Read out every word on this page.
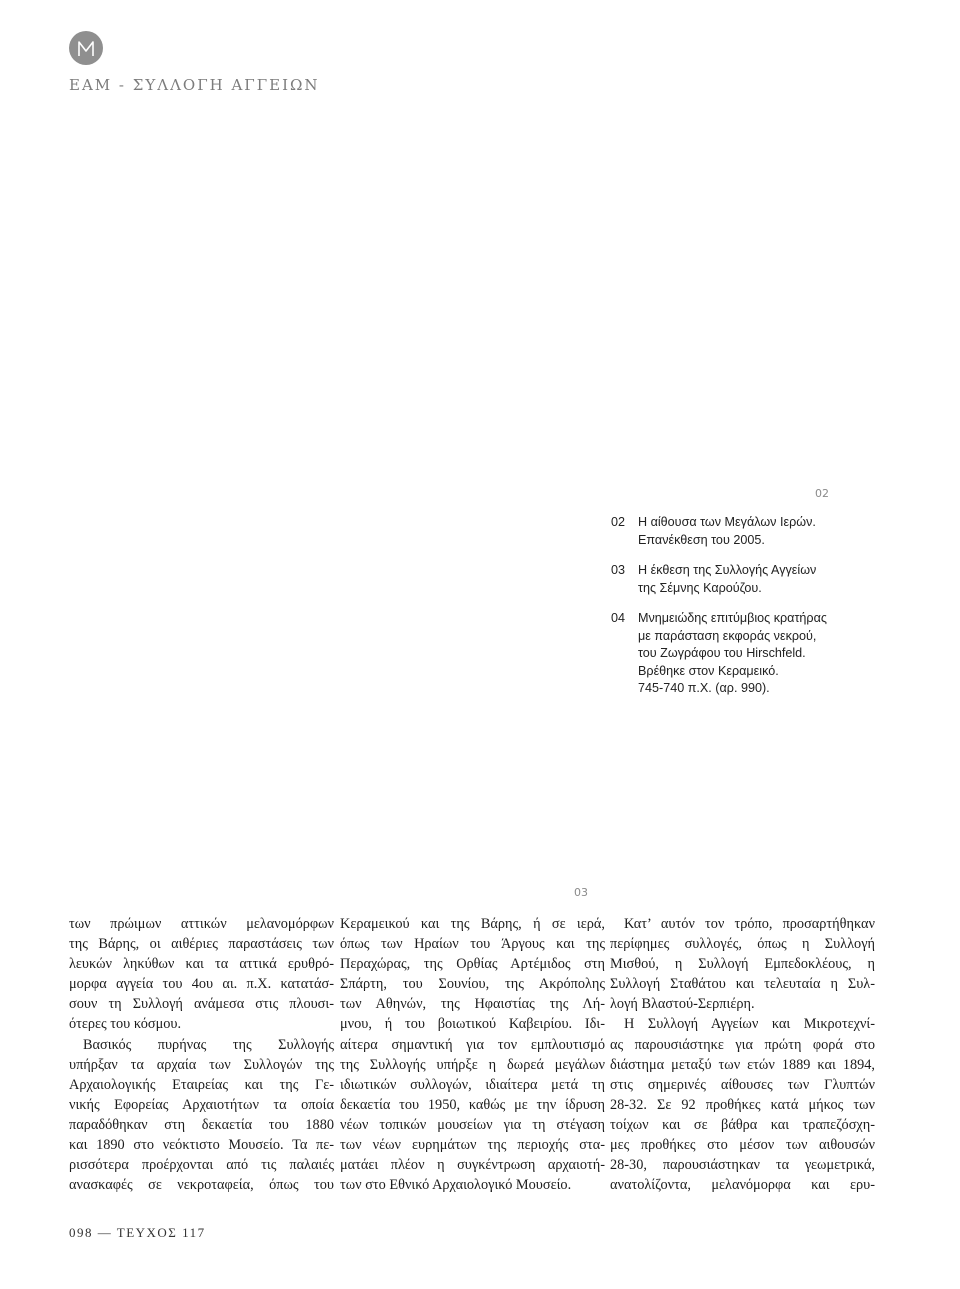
ΕΑΜ - ΣΥΛΛΟΓΗ ΑΓΓΕΙΩΝ
02
02	Η αίθουσα των Μεγάλων Ιερών.
Επανέκθεση του 2005.
03	Η έκθεση της Συλλογής Αγγείων
της Σέμνης Καρούζου.
04	Μνημειώδης επιτύμβιος κρατήρας
με παράσταση εκφοράς νεκρού,
του Ζωγράφου του Hirschfeld.
Βρέθηκε στον Κεραμεικό.
745-740 π.Χ. (αρ. 990).
03

των πρώιμων αττικών μελανομόρφων

της Βάρης, οι αιθέριες παραστάσεις των

λευκών ληκύθων και τα αττικά ερυθρό-

μορφα αγγεία του 4ου αι. π.Χ. κατατάσ-

σουν τη Συλλογή ανάμεσα στις πλουσι-

ότερες του κόσμου.

Βασικός πυρήνας της Συλλογής

υπήρξαν τα αρχαία των Συλλογών της

Αρχαιολογικής Εταιρείας και της Γε-

νικής Εφορείας Αρχαιοτήτων τα οποία

παραδόθηκαν στη δεκαετία του 1880

και 1890 στο νεόκτιστο Μουσείο. Τα πε-

ρισσότερα προέρχονται από τις παλαιές

ανασκαφές σε νεκροταφεία, όπως του

Κεραμεικού και της Βάρης, ή σε ιερά,

όπως των Ηραίων του Άργους και της

Περαχώρας, της Ορθίας Αρτέμιδος στη

Σπάρτη, του Σουνίου, της Ακρόπολης

των Αθηνών, της Ηφαιστίας της Λή-

μνου, ή του βοιωτικού Καβειρίου. Ιδι-

αίτερα σημαντική για τον εμπλουτισμό

της Συλλογής υπήρξε η δωρεά μεγάλων

ιδιωτικών συλλογών, ιδιαίτερα μετά τη

δεκαετία του 1950, καθώς με την ίδρυση

νέων τοπικών μουσείων για τη στέγαση

των νέων ευρημάτων της περιοχής στα-

ματάει πλέον η συγκέντρωση αρχαιοτή-

των στο Εθνικό Αρχαιολογικό Μουσείο.

Κατ’ αυτόν τον τρόπο, προσαρτήθηκαν

περίφημες συλλογές, όπως η Συλλογή

Μισθού, η Συλλογή Εμπεδοκλέους, η

Συλλογή Σταθάτου και τελευταία η Συλ-

λογή Βλαστού-Σερπιέρη.

Η Συλλογή Αγγείων και Μικροτεχνί-

ας παρουσιάστηκε για πρώτη φορά στο

διάστημα μεταξύ των ετών 1889 και 1894,

στις σημερινές αίθουσες των Γλυπτών

28-32. Σε 92 προθήκες κατά μήκος των

τοίχων και σε βάθρα και τραπεζόσχη-

μες προθήκες στο μέσον των αιθουσών

28-30, παρουσιάστηκαν τα γεωμετρικά,

ανατολίζοντα, μελανόμορφα και ερυ-

098 — ΤΕΥΧΟΣ 117
